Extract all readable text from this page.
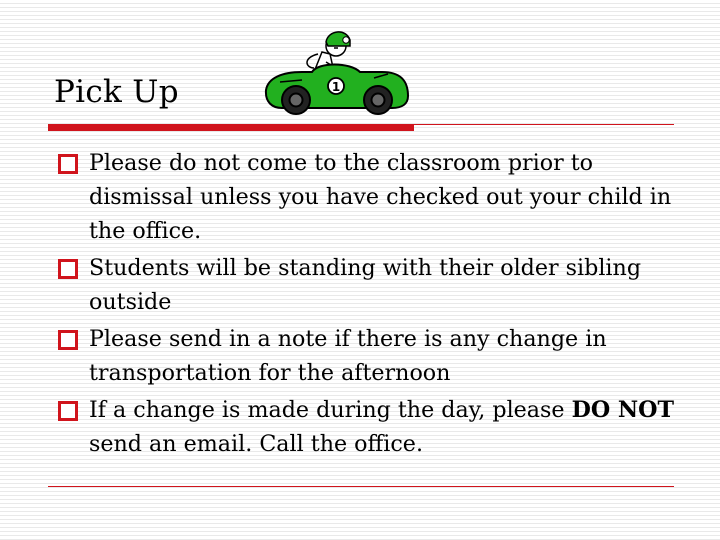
Pick Up	1
Please do not come to the classroom prior to dismissal unless you have checked out your child in the office.
Students will be standing with their older sibling outside
Please send in a note if there is any change in transportation for the afternoon
If a change is made during the day, please DO NOT send an email. Call the office.
